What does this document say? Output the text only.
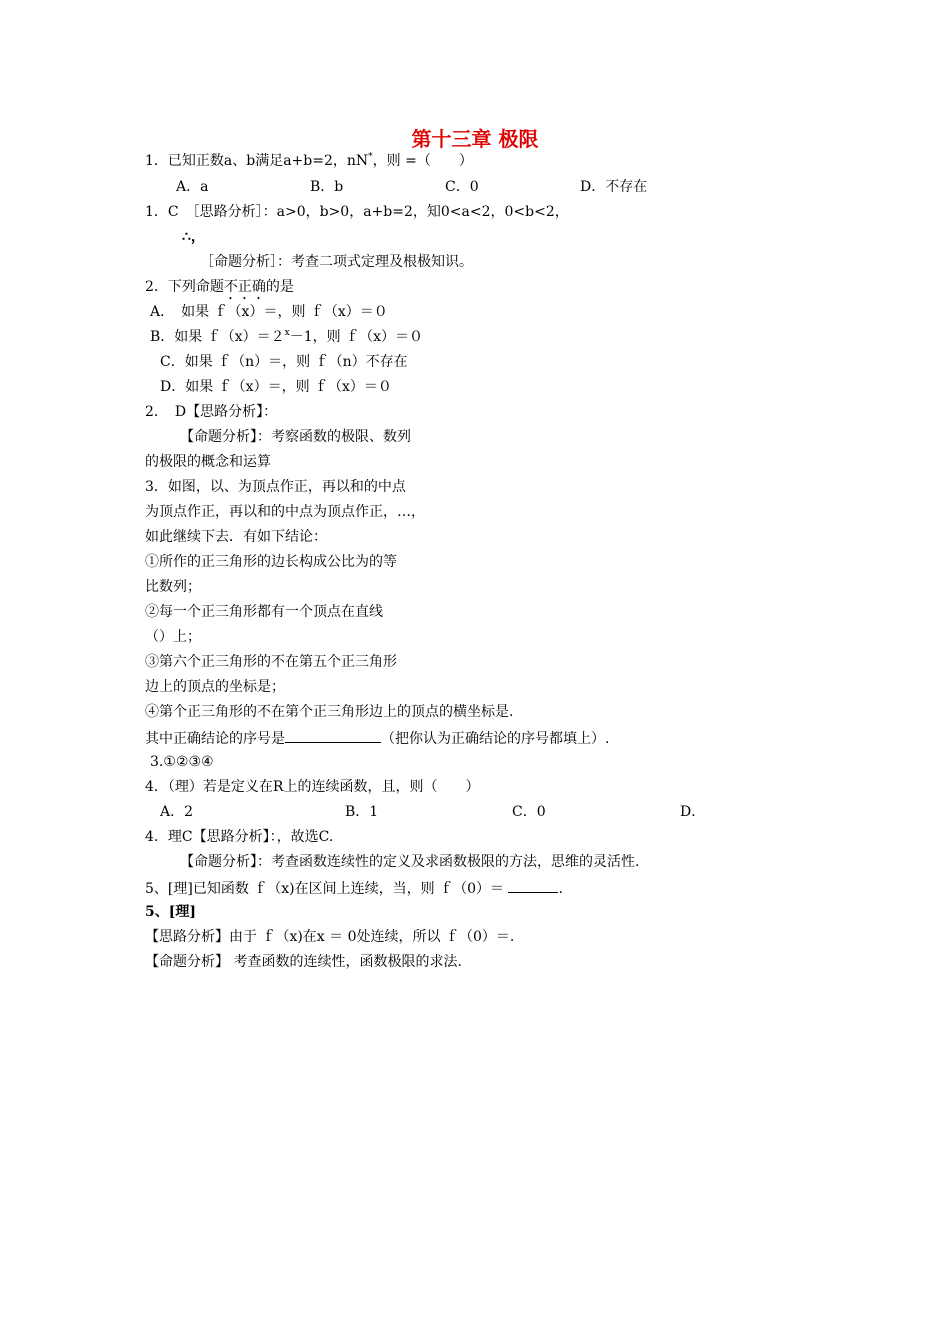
第十三章 极限
1．已知正数a、b满足a+b=2，nN*，则 =（　　）
A．a	B．b	C．0	D．不存在
1．C　［思路分析］：a>0，b>0，a+b=2，知0<a<2，0<b<2，
∴，
［命题分析］：考查二项式定理及根极知识。
2．下列命题不正确的是
A．　如果 ｆ（x）＝，则 ｆ（x）＝０
B．如果 $f(x)=2^x-1$，则 ｆ（x）＝０
C．如果 ｆ（n）＝，则 ｆ（n）不存在
D．如果 ｆ（x）＝，则 ｆ（x）＝０
2．　D【思路分析】：
【命题分析】：考察函数的极限、数列
的极限的概念和运算
3．如图，以、为顶点作正，再以和的中点
为顶点作正，再以和的中点为顶点作正，…，
如此继续下去．有如下结论：
①所作的正三角形的边长构成公比为的等
比数列；
②每一个正三角形都有一个顶点在直线
（）上；
③第六个正三角形的不在第五个正三角形
边上的顶点的坐标是；
④第个正三角形的不在第个正三角形边上的顶点的横坐标是.
其中正确结论的序号是	（把你认为正确结论的序号都填上）.
3.①②③④
4．（理）若是定义在R上的连续函数，且，则（　　）
A．2	B．1	C．0	D．
4．理C【思路分析】：，故选C.
【命题分析】：考查函数连续性的定义及求函数极限的方法，思维的灵活性.
5、[理]已知函数 ｆ（x)在区间上连续，当，则 ｆ（0）＝	.
5、[理]
【思路分析】由于 ｆ（x)在x ＝ 0处连续，所以 ｆ（0）＝.
【命题分析】 考查函数的连续性，函数极限的求法.
